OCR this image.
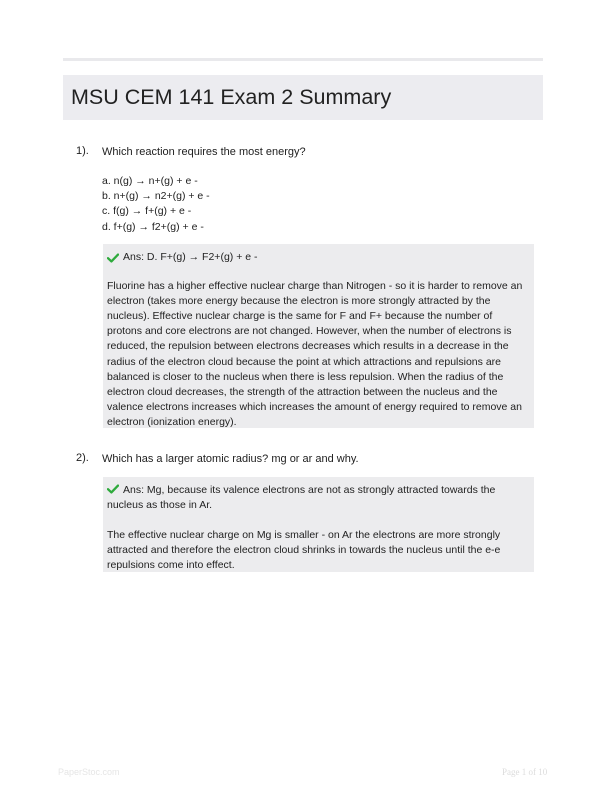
MSU CEM 141 Exam 2 Summary
1). Which reaction requires the most energy?
a. n(g) → n+(g) + e -
b. n+(g) → n2+(g) + e -
c. f(g) → f+(g) + e -
d. f+(g) → f2+(g) + e -
Ans: D. F+(g) → F2+(g) + e -

Fluorine has a higher effective nuclear charge than Nitrogen - so it is harder to remove an electron (takes more energy because the electron is more strongly attracted by the nucleus). Effective nuclear charge is the same for F and F+ because the number of protons and core electrons are not changed. However, when the number of electrons is reduced, the repulsion between electrons decreases which results in a decrease in the radius of the electron cloud because the point at which attractions and repulsions are balanced is closer to the nucleus when there is less repulsion. When the radius of the electron cloud decreases, the strength of the attraction between the nucleus and the valence electrons increases which increases the amount of energy required to remove an electron (ionization energy).

2). Which has a larger atomic radius? mg or ar and why.
Ans: Mg, because its valence electrons are not as strongly attracted towards the nucleus as those in Ar.

The effective nuclear charge on Mg is smaller - on Ar the electrons are more strongly attracted and therefore the electron cloud shrinks in towards the nucleus until the e-e repulsions come into effect.

PaperStoc.com	Page 1 of 10
